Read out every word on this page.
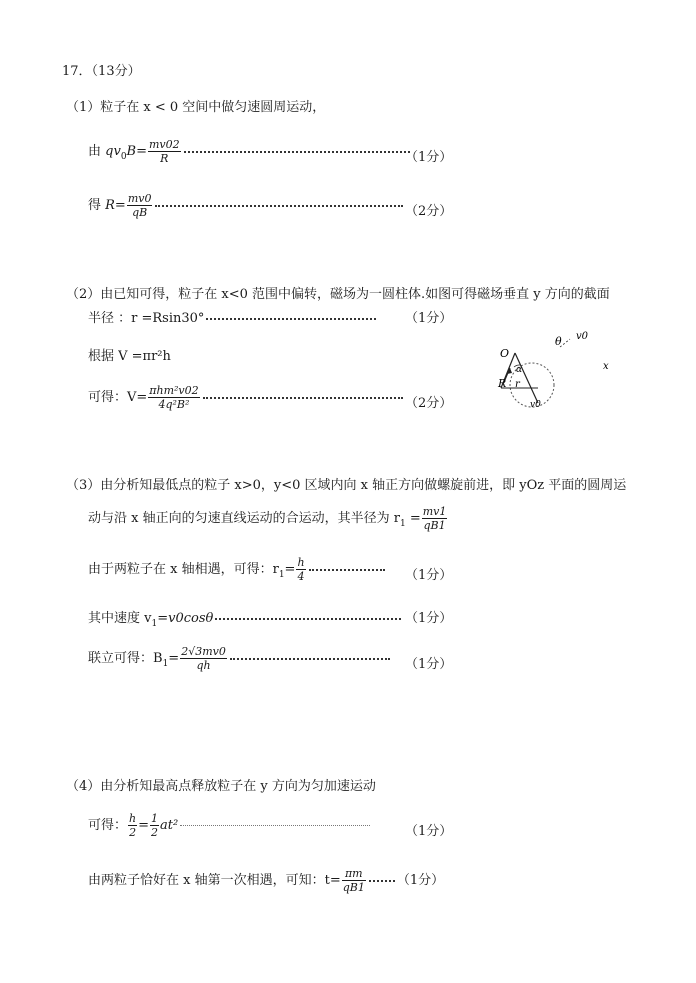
17．（13分）
（1）粒子在 x < 0 空间中做匀速圆周运动，
由 $qv_0B= \frac{mv02}{R}$	（1分）
得 $R= \frac{mv0}{qB}$	（2分）
（2）由已知可得，粒子在 x<0 范围中偏转，磁场为一圆柱体.如图可得磁场垂直 y 方向的截面
半径 ：r =Rsin30°	（1分）
根据 V =πr²h
可得：$V= \frac{\text{πhm²v02}}{\text{4q²B²}}$	（2分）
θ v0
x
O
α
R r
v0
（3）由分析知最低点的粒子 x>0，y<0 区域内向 x 轴正方向做螺旋前进，即 yOz 平面的圆周运
动与沿 x 轴正向的匀速直线运动的合运动，其半径为 $r_1 = \frac{mv1}{qB1}$
由于两粒子在 x 轴相遇，可得：$r_1= \frac{h}{4}$	（1分）
其中速度 $v_1=v0\cos\theta$	（1分）
联立可得：$B_1= \frac{2√3mv0}{qh}$	（1分）
（4）由分析知最高点释放粒子在 y 方向为匀加速运动
可得： $\frac{h}{2} = \frac{1}{2} at^2$	（1分）
由两粒子恰好在 x 轴第一次相遇，可知：$t= \frac{\pi m}{qB1} (1$分）
